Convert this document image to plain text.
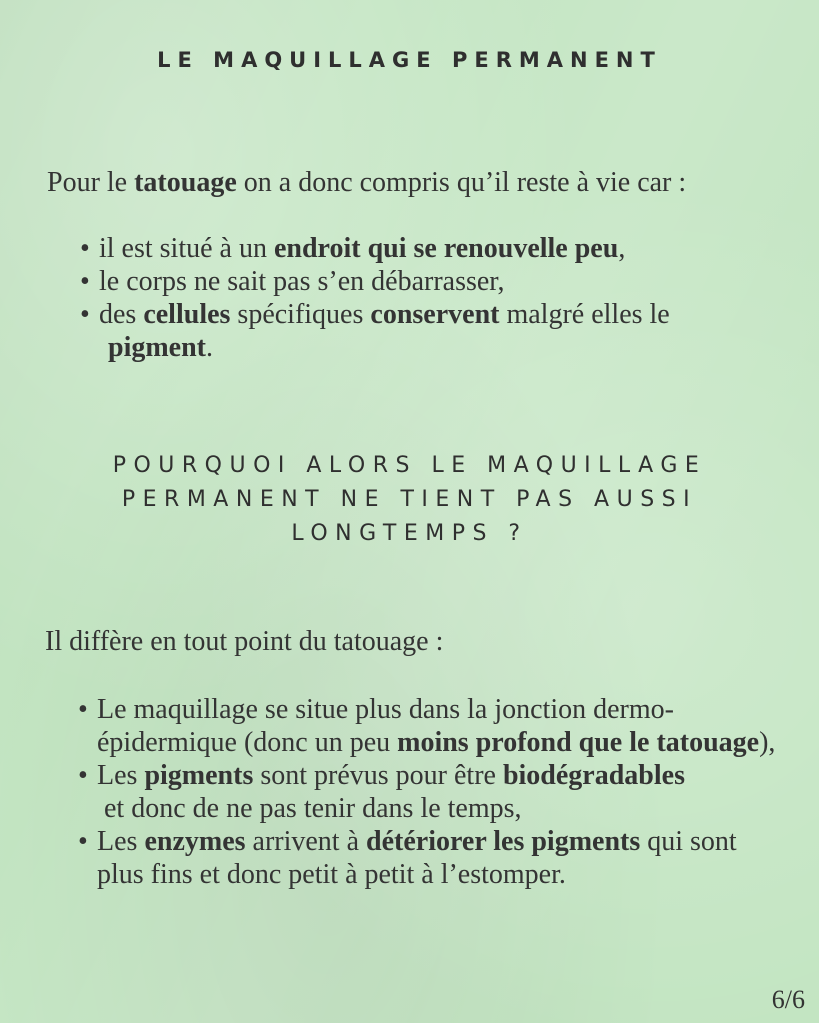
LE MAQUILLAGE PERMANENT

Pour le tatouage on a donc compris qu’il reste à vie car :

• il est situé à un endroit qui se renouvelle peu,
• le corps ne sait pas s’en débarrasser,
• des cellules spécifiques conservent malgré elles le
pigment.
POURQUOI ALORS LE MAQUILLAGE
PERMANENT NE TIENT PAS AUSSI
LONGTEMPS ?
Il diffère en tout point du tatouage :
• Le maquillage se situe plus dans la jonction dermo-épidermique (donc un peu moins profond que le tatouage),
• Les pigments sont prévus pour être biodégradables
et donc de ne pas tenir dans le temps,
• Les enzymes arrivent à détériorer les pigments qui sont plus fins et donc petit à petit à l’estomper.
6/6
